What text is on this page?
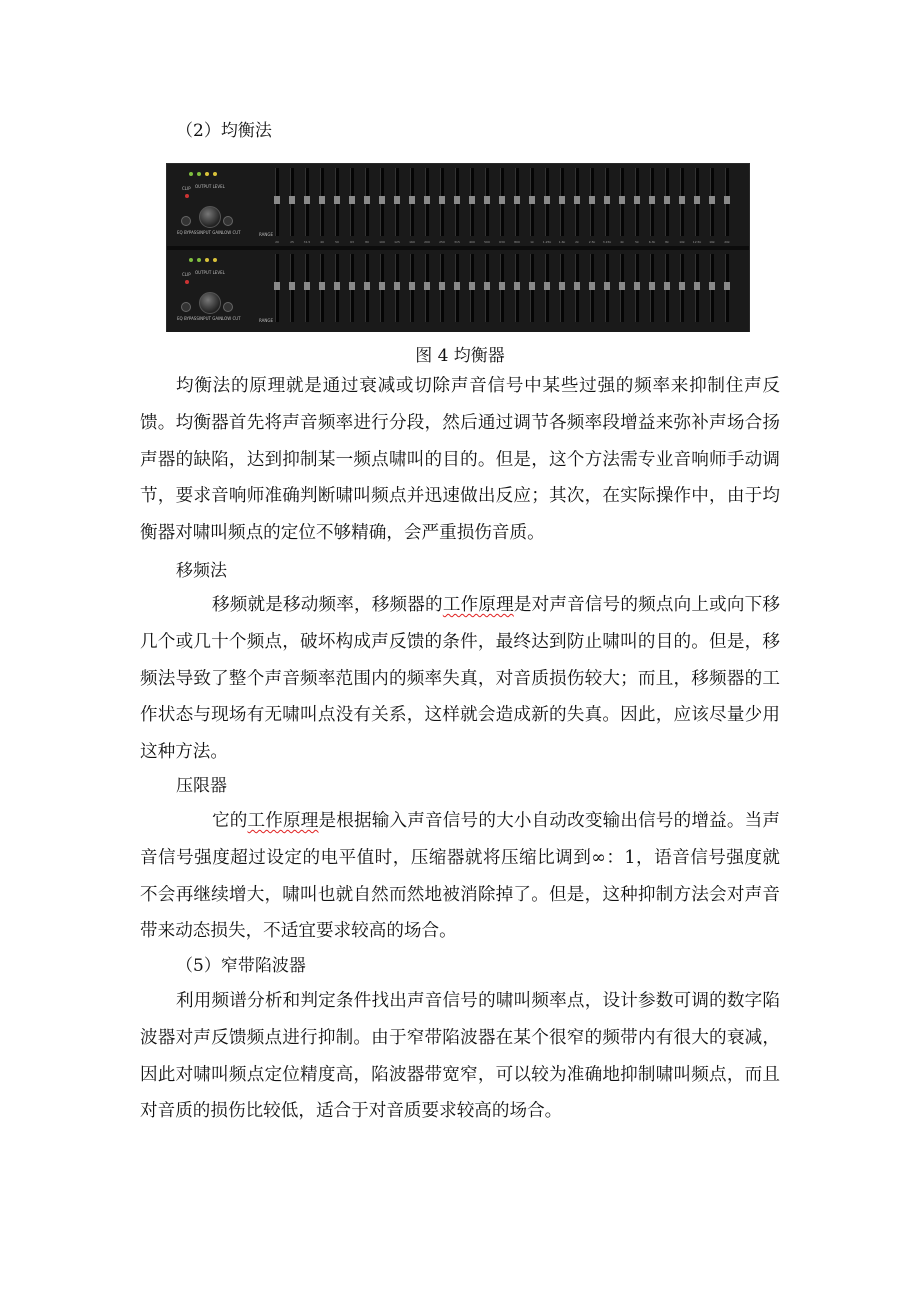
（2）均衡法
CLIP OUTPUT LEVEL
EQ BYPASS INPUT GAIN LOW CUT	RANGE
20	25	31.5	40	50	63	80	100	125	160	200	250	315	400	500	630	800	1k	1.25k	1.6k	2k	2.5k	3.15k	4k	5k	6.3k	8k	10k	12.5k	16k	20k
CLIP OUTPUT LEVEL
EQ BYPASS INPUT GAIN LOW CUT	RANGE
图 4 均衡器

均衡法的原理就是通过衰减或切除声音信号中某些过强的频率来抑制住声反馈。均衡器首先将声音频率进行分段，然后通过调节各频率段增益来弥补声场合扬声器的缺陷，达到抑制某一频点啸叫的目的。但是，这个方法需专业音响师手动调节，要求音响师准确判断啸叫频点并迅速做出反应；其次，在实际操作中，由于均衡器对啸叫频点的定位不够精确，会严重损伤音质。

移频法

移频就是移动频率，移频器的工作原理是对声音信号的频点向上或向下移几个或几十个频点，破坏构成声反馈的条件，最终达到防止啸叫的目的。但是，移频法导致了整个声音频率范围内的频率失真，对音质损伤较大；而且，移频器的工作状态与现场有无啸叫点没有关系，这样就会造成新的失真。因此，应该尽量少用这种方法。

压限器

它的工作原理是根据输入声音信号的大小自动改变输出信号的增益。当声音信号强度超过设定的电平值时，压缩器就将压缩比调到∞：1，语音信号强度就不会再继续增大，啸叫也就自然而然地被消除掉了。但是，这种抑制方法会对声音带来动态损失，不适宜要求较高的场合。

（5）窄带陷波器

利用频谱分析和判定条件找出声音信号的啸叫频率点，设计参数可调的数字陷波器对声反馈频点进行抑制。由于窄带陷波器在某个很窄的频带内有很大的衰减，因此对啸叫频点定位精度高，陷波器带宽窄，可以较为准确地抑制啸叫频点，而且对音质的损伤比较低，适合于对音质要求较高的场合。
